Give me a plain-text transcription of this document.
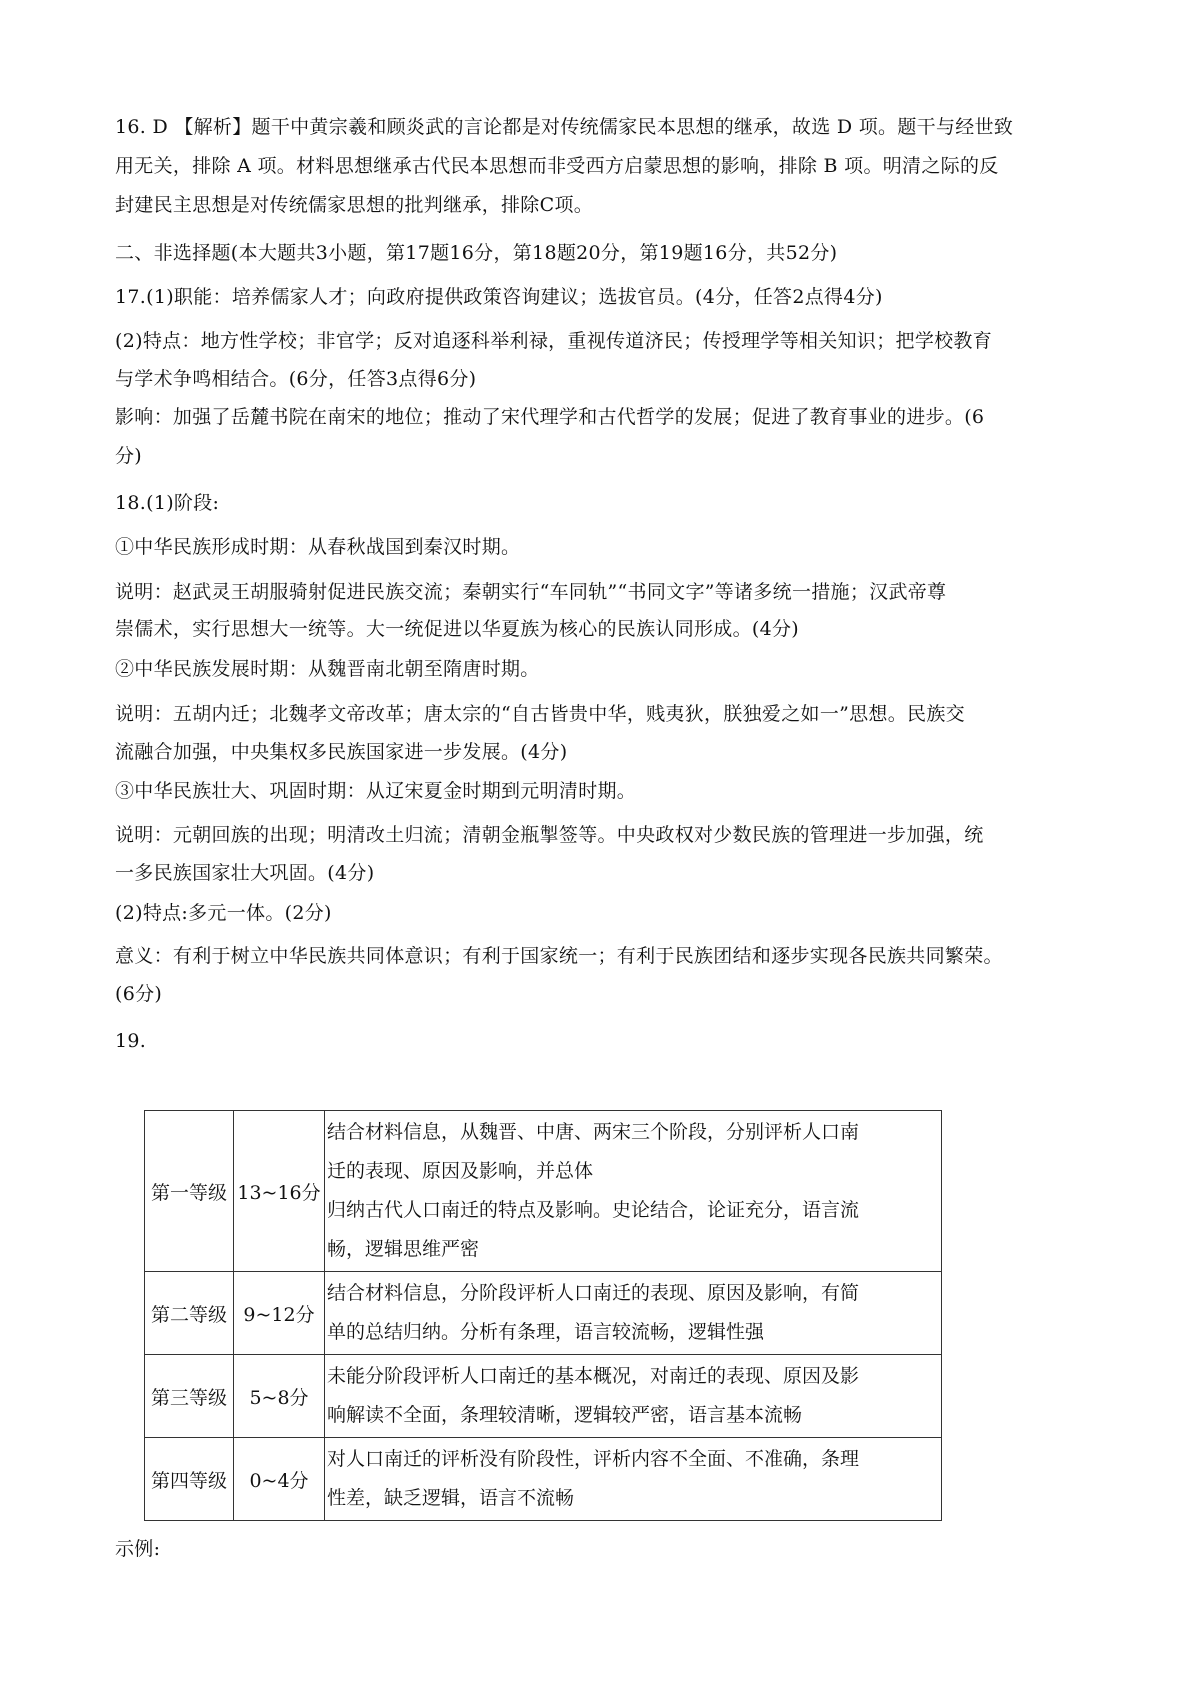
16. D 【解析】题干中黄宗羲和顾炎武的言论都是对传统儒家民本思想的继承，故选 D 项。题干与经世致
用无关，排除 A 项。材料思想继承古代民本思想而非受西方启蒙思想的影响，排除 B 项。明清之际的反
封建民主思想是对传统儒家思想的批判继承，排除C项。
二、非选择题(本大题共3小题，第17题16分，第18题20分，第19题16分，共52分)
17.(1)职能：培养儒家人才；向政府提供政策咨询建议；选拔官员。(4分，任答2点得4分)
(2)特点：地方性学校；非官学；反对追逐科举利禄，重视传道济民；传授理学等相关知识；把学校教育
与学术争鸣相结合。(6分，任答3点得6分)
影响：加强了岳麓书院在南宋的地位；推动了宋代理学和古代哲学的发展；促进了教育事业的进步。(6
分)
18.(1)阶段:
①中华民族形成时期：从春秋战国到秦汉时期。
说明：赵武灵王胡服骑射促进民族交流；秦朝实行“车同轨”“书同文字”等诸多统一措施；汉武帝尊
崇儒术，实行思想大一统等。大一统促进以华夏族为核心的民族认同形成。(4分)
②中华民族发展时期：从魏晋南北朝至隋唐时期。
说明：五胡内迁；北魏孝文帝改革；唐太宗的“自古皆贵中华，贱夷狄，朕独爱之如一”思想。民族交
流融合加强，中央集权多民族国家进一步发展。(4分)
③中华民族壮大、巩固时期：从辽宋夏金时期到元明清时期。
说明：元朝回族的出现；明清改土归流；清朝金瓶掣签等。中央政权对少数民族的管理进一步加强，统
一多民族国家壮大巩固。(4分)
(2)特点:多元一体。(2分)
意义：有利于树立中华民族共同体意识；有利于国家统一；有利于民族团结和逐步实现各民族共同繁荣。
(6分)
19.
第一等级	13~16分	结合材料信息，从魏晋、中唐、两宋三个阶段，分别评析人口南
迁的表现、原因及影响，并总体
归纳古代人口南迁的特点及影响。史论结合，论证充分，语言流
畅，逻辑思维严密

第二等级	9~12分	结合材料信息，分阶段评析人口南迁的表现、原因及影响，有简
单的总结归纳。分析有条理，语言较流畅，逻辑性强

第三等级	5~8分	未能分阶段评析人口南迁的基本概况，对南迁的表现、原因及影
响解读不全面，条理较清晰，逻辑较严密，语言基本流畅

第四等级	0~4分	对人口南迁的评析没有阶段性，评析内容不全面、不准确，条理
性差，缺乏逻辑，语言不流畅
示例:
